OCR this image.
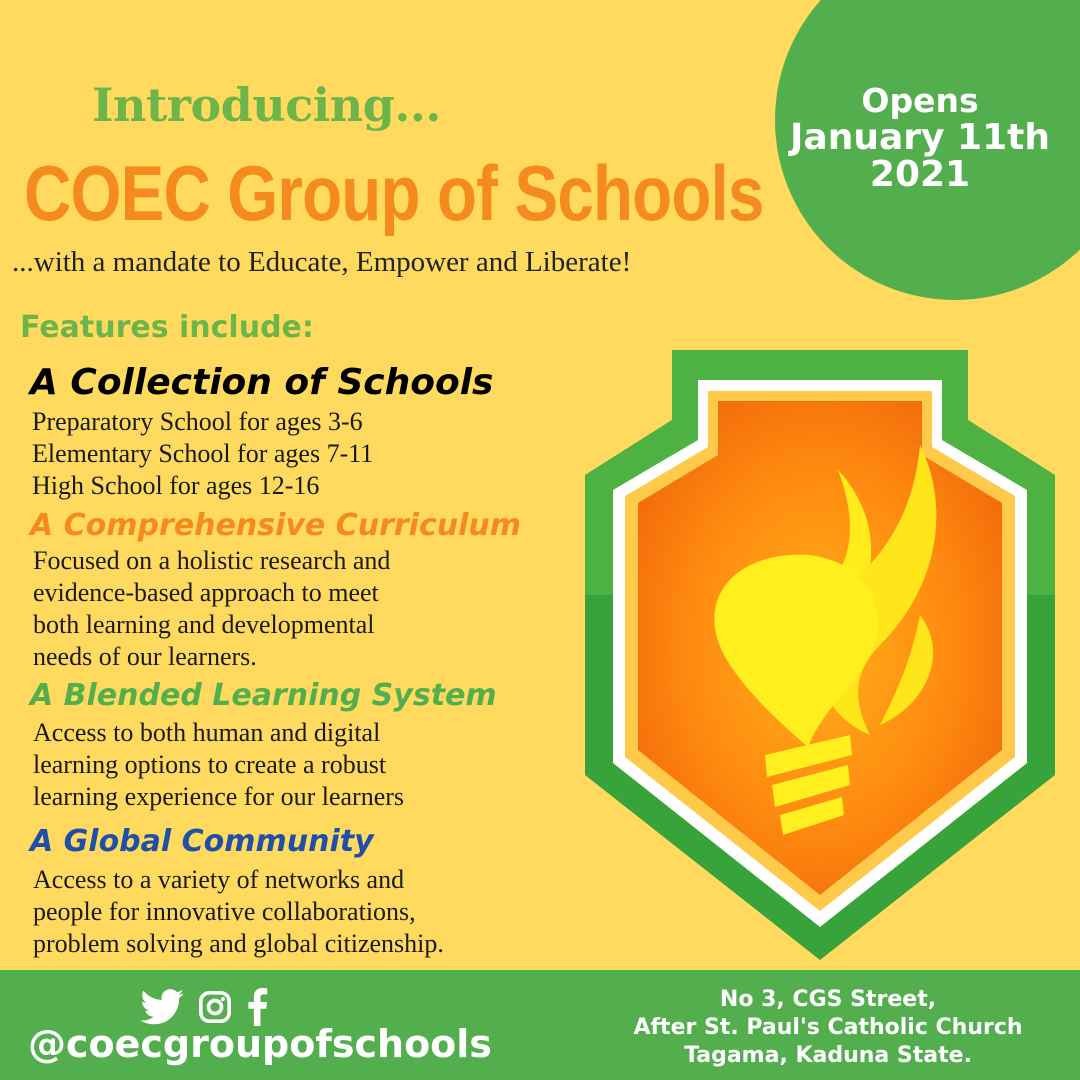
Opens
January 11th
2021
Introducing...
COEC Group of Schools
...with a mandate to Educate, Empower and Liberate!
Features include:
A Collection of Schools
Preparatory School for ages 3-6
Elementary School for ages 7-11
High School for ages 12-16
A Comprehensive Curriculum
Focused on a holistic research and
evidence-based approach to meet
both learning and developmental
needs of our learners.
A Blended Learning System
Access to both human and digital
learning options to create a robust
learning experience for our learners
A Global Community
Access to a variety of networks and
people for innovative collaborations,
problem solving and global citizenship.
@coecgroupofschools
No 3, CGS Street,
After St. Paul's Catholic Church
Tagama, Kaduna State.
